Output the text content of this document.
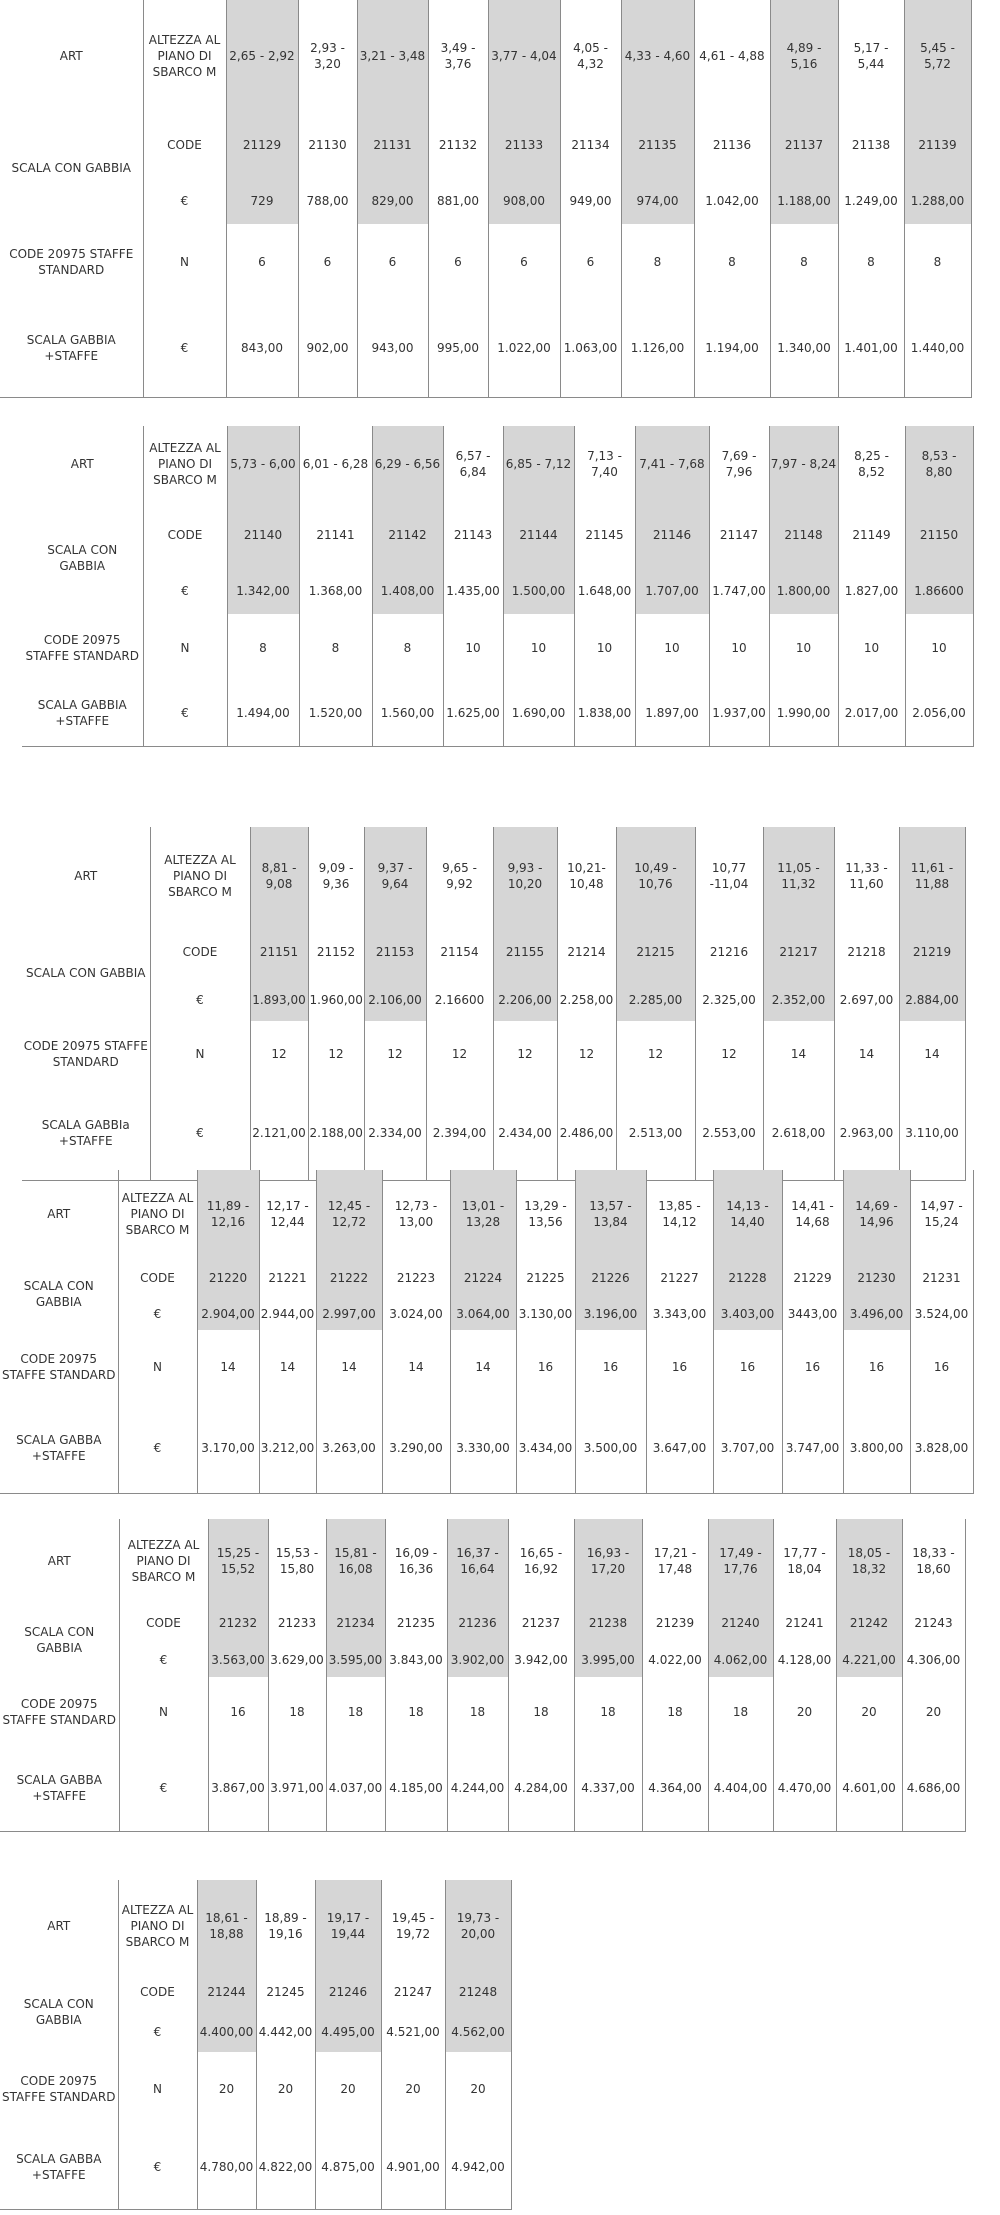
ART	ALTEZZA AL PIANO DI SBARCO M	2,65 - 2,92	2,93 - 3,20	3,21 - 3,48	3,49 - 3,76	3,77 - 4,04	4,05 - 4,32	4,33 - 4,60	4,61 - 4,88	4,89 - 5,16	5,17 - 5,44	5,45 - 5,72
SCALA CON GABBIA	CODE	21129	21130	21131	21132	21133	21134	21135	21136	21137	21138	21139
	€	729	788,00	829,00	881,00	908,00	949,00	974,00	1.042,00	1.188,00	1.249,00	1.288,00
CODE 20975 STAFFE STANDARD	N	6	6	6	6	6	6	8	8	8	8	8
SCALA GABBIA +STAFFE	€	843,00	902,00	943,00	995,00	1.022,00	1.063,00	1.126,00	1.194,00	1.340,00	1.401,00	1.440,00
ART	ALTEZZA AL PIANO DI SBARCO M	5,73 - 6,00	6,01 - 6,28	6,29 - 6,56	6,57 - 6,84	6,85 - 7,12	7,13 - 7,40	7,41 - 7,68	7,69 - 7,96	7,97 - 8,24	8,25 - 8,52	8,53 - 8,80
SCALA CON GABBIA	CODE	21140	21141	21142	21143	21144	21145	21146	21147	21148	21149	21150
	€	1.342,00	1.368,00	1.408,00	1.435,00	1.500,00	1.648,00	1.707,00	1.747,00	1.800,00	1.827,00	1.86600
CODE 20975 STAFFE STANDARD	N	8	8	8	10	10	10	10	10	10	10	10
SCALA GABBIA +STAFFE	€	1.494,00	1.520,00	1.560,00	1.625,00	1.690,00	1.838,00	1.897,00	1.937,00	1.990,00	2.017,00	2.056,00
ART	ALTEZZA AL PIANO DI SBARCO M	8,81 - 9,08	9,09 - 9,36	9,37 - 9,64	9,65 - 9,92	9,93 - 10,20	10,21- 10,48	10,49 - 10,76	10,77 -11,04	11,05 - 11,32	11,33 - 11,60	11,61 - 11,88
SCALA CON GABBIA	CODE	21151	21152	21153	21154	21155	21214	21215	21216	21217	21218	21219
	€	1.893,00	1.960,00	2.106,00	2.16600	2.206,00	2.258,00	2.285,00	2.325,00	2.352,00	2.697,00	2.884,00
CODE 20975 STAFFE STANDARD	N	12	12	12	12	12	12	12	12	14	14	14
SCALA GABBIa +STAFFE	€	2.121,00	2.188,00	2.334,00	2.394,00	2.434,00	2.486,00	2.513,00	2.553,00	2.618,00	2.963,00	3.110,00
ART	ALTEZZA AL PIANO DI SBARCO M	11,89 - 12,16	12,17 - 12,44	12,45 - 12,72	12,73 - 13,00	13,01 - 13,28	13,29 - 13,56	13,57 - 13,84	13,85 - 14,12	14,13 - 14,40	14,41 - 14,68	14,69 - 14,96	14,97 - 15,24
SCALA CON GABBIA	CODE	21220	21221	21222	21223	21224	21225	21226	21227	21228	21229	21230	21231
	€	2.904,00	2.944,00	2.997,00	3.024,00	3.064,00	3.130,00	3.196,00	3.343,00	3.403,00	3443,00	3.496,00	3.524,00
CODE 20975 STAFFE STANDARD	N	14	14	14	14	14	16	16	16	16	16	16	16
SCALA GABBA +STAFFE	€	3.170,00	3.212,00	3.263,00	3.290,00	3.330,00	3.434,00	3.500,00	3.647,00	3.707,00	3.747,00	3.800,00	3.828,00
ART	ALTEZZA AL PIANO DI SBARCO M	15,25 - 15,52	15,53 - 15,80	15,81 - 16,08	16,09 - 16,36	16,37 - 16,64	16,65 - 16,92	16,93 - 17,20	17,21 - 17,48	17,49 - 17,76	17,77 - 18,04	18,05 - 18,32	18,33 - 18,60
SCALA CON GABBIA	CODE	21232	21233	21234	21235	21236	21237	21238	21239	21240	21241	21242	21243
	€	3.563,00	3.629,00	3.595,00	3.843,00	3.902,00	3.942,00	3.995,00	4.022,00	4.062,00	4.128,00	4.221,00	4.306,00
CODE 20975 STAFFE STANDARD	N	16	18	18	18	18	18	18	18	18	20	20	20
SCALA GABBA +STAFFE	€	3.867,00	3.971,00	4.037,00	4.185,00	4.244,00	4.284,00	4.337,00	4.364,00	4.404,00	4.470,00	4.601,00	4.686,00
ART	ALTEZZA AL PIANO DI SBARCO M	18,61 - 18,88	18,89 - 19,16	19,17 - 19,44	19,45 - 19,72	19,73 - 20,00
SCALA CON GABBIA	CODE	21244	21245	21246	21247	21248
	€	4.400,00	4.442,00	4.495,00	4.521,00	4.562,00
CODE 20975 STAFFE STANDARD	N	20	20	20	20	20
SCALA GABBA +STAFFE	€	4.780,00	4.822,00	4.875,00	4.901,00	4.942,00
